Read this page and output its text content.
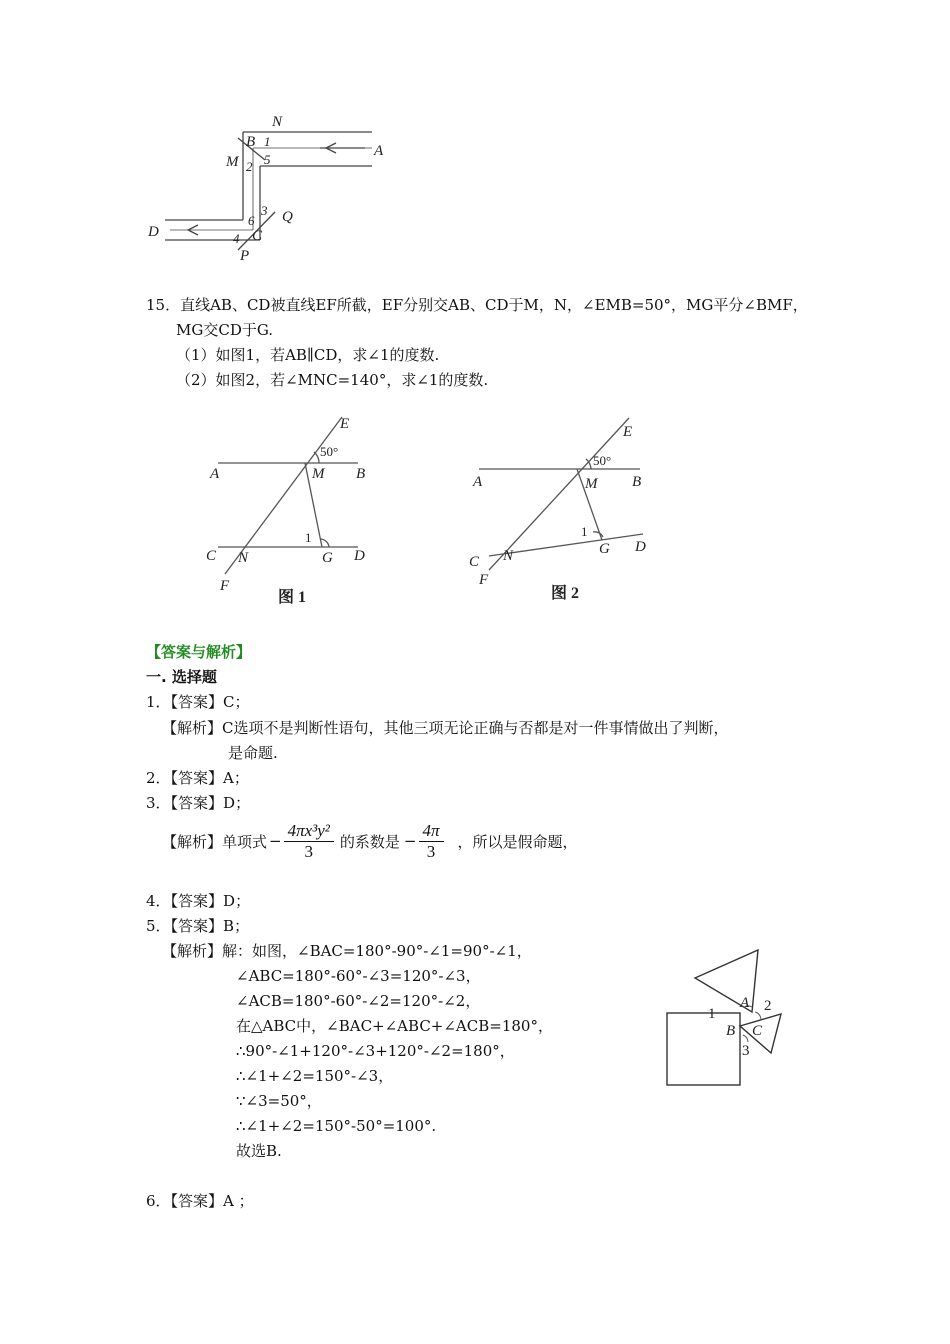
N
B 1
M 2 5
A
3
6 Q
D	4 C
P
15．直线AB、CD被直线EF所截，EF分别交AB、CD于M，N，∠EMB=50°，MG平分∠BMF，
MG交CD于G.
（1）如图1，若AB∥CD，求∠1的度数.
（2）如图2，若∠MNC=140°，求∠1的度数.
E
50°
A	M B
1
C N	G D
F
图 1
E
50°
A	M B
1
C N	G D
F
图 2
【答案与解析】
一. 选择题
1．【答案】C；
【解析】C选项不是判断性语句，其他三项无论正确与否都是对一件事情做出了判断，
是命题.
2．【答案】A；
3．【答案】D；
【解析】单项式 − $\frac{\text{4πx³y²}}{3}$ 的系数是 − $\frac{4\pi}{3}$ ，所以是假命题，
4．【答案】D；
5．【答案】B；
【解析】解：如图，∠BAC=180°-90°-∠1=90°-∠1，
∠ABC=180°-60°-∠3=120°-∠3，
∠ACB=180°-60°-∠2=120°-∠2，
在△ABC中，∠BAC+∠ABC+∠ACB=180°，
∴90°-∠1+120°-∠3+120°-∠2=180°，
∴∠1+∠2=150°-∠3，
∵∠3=50°，
∴∠1+∠2=150°-50°=100°.
故选B.
6．【答案】A ；
1
A 2
B C
3
